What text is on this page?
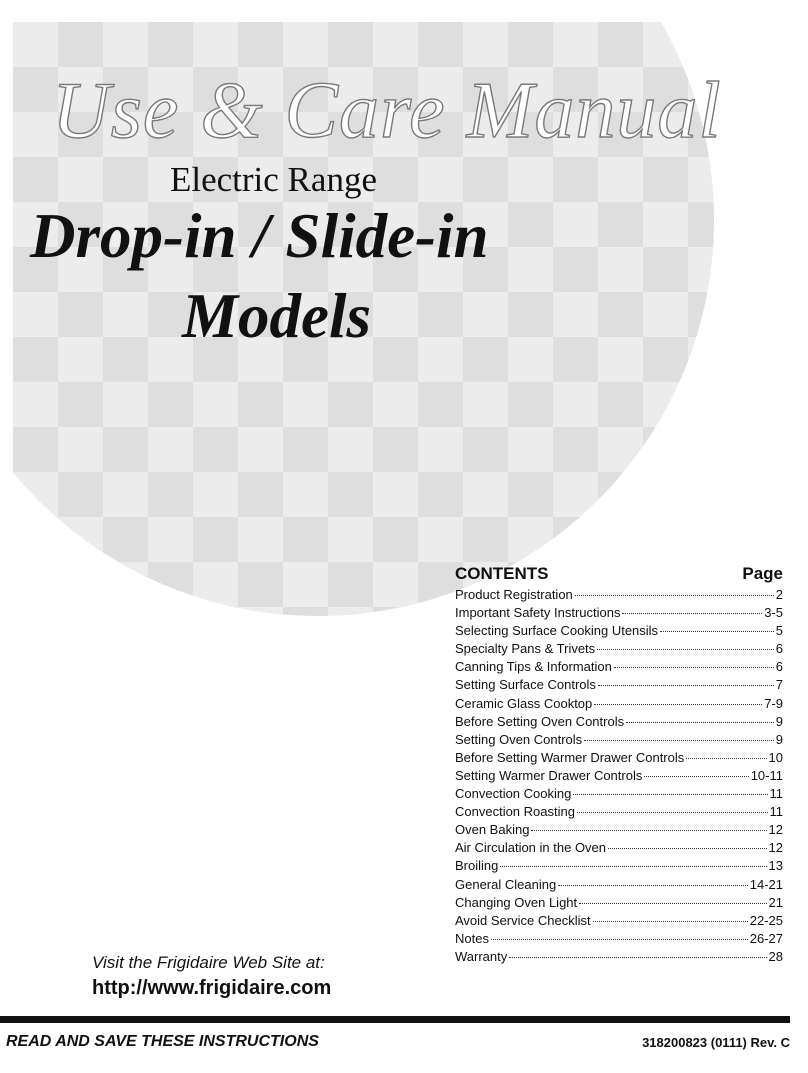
Use & Care Manual
Electric Range
Drop-in / Slide-in
Models
CONTENTS	Page
Product Registration	2
Important Safety Instructions	3-5
Selecting Surface Cooking Utensils	5
Specialty Pans & Trivets	6
Canning Tips & Information	6
Setting Surface Controls	7
Ceramic Glass Cooktop	7-9
Before Setting Oven Controls	9
Setting Oven Controls	9
Before Setting Warmer Drawer Controls	10
Setting Warmer Drawer Controls	10-11
Convection Cooking	11
Convection Roasting	11
Oven Baking	12
Air Circulation in the Oven	12
Broiling	13
General Cleaning	14-21
Changing Oven Light	21
Avoid Service Checklist	22-25
Notes	26-27
Warranty	28
Visit the Frigidaire Web Site at:
http://www.frigidaire.com
READ AND SAVE THESE INSTRUCTIONS	318200823 (0111) Rev. C
